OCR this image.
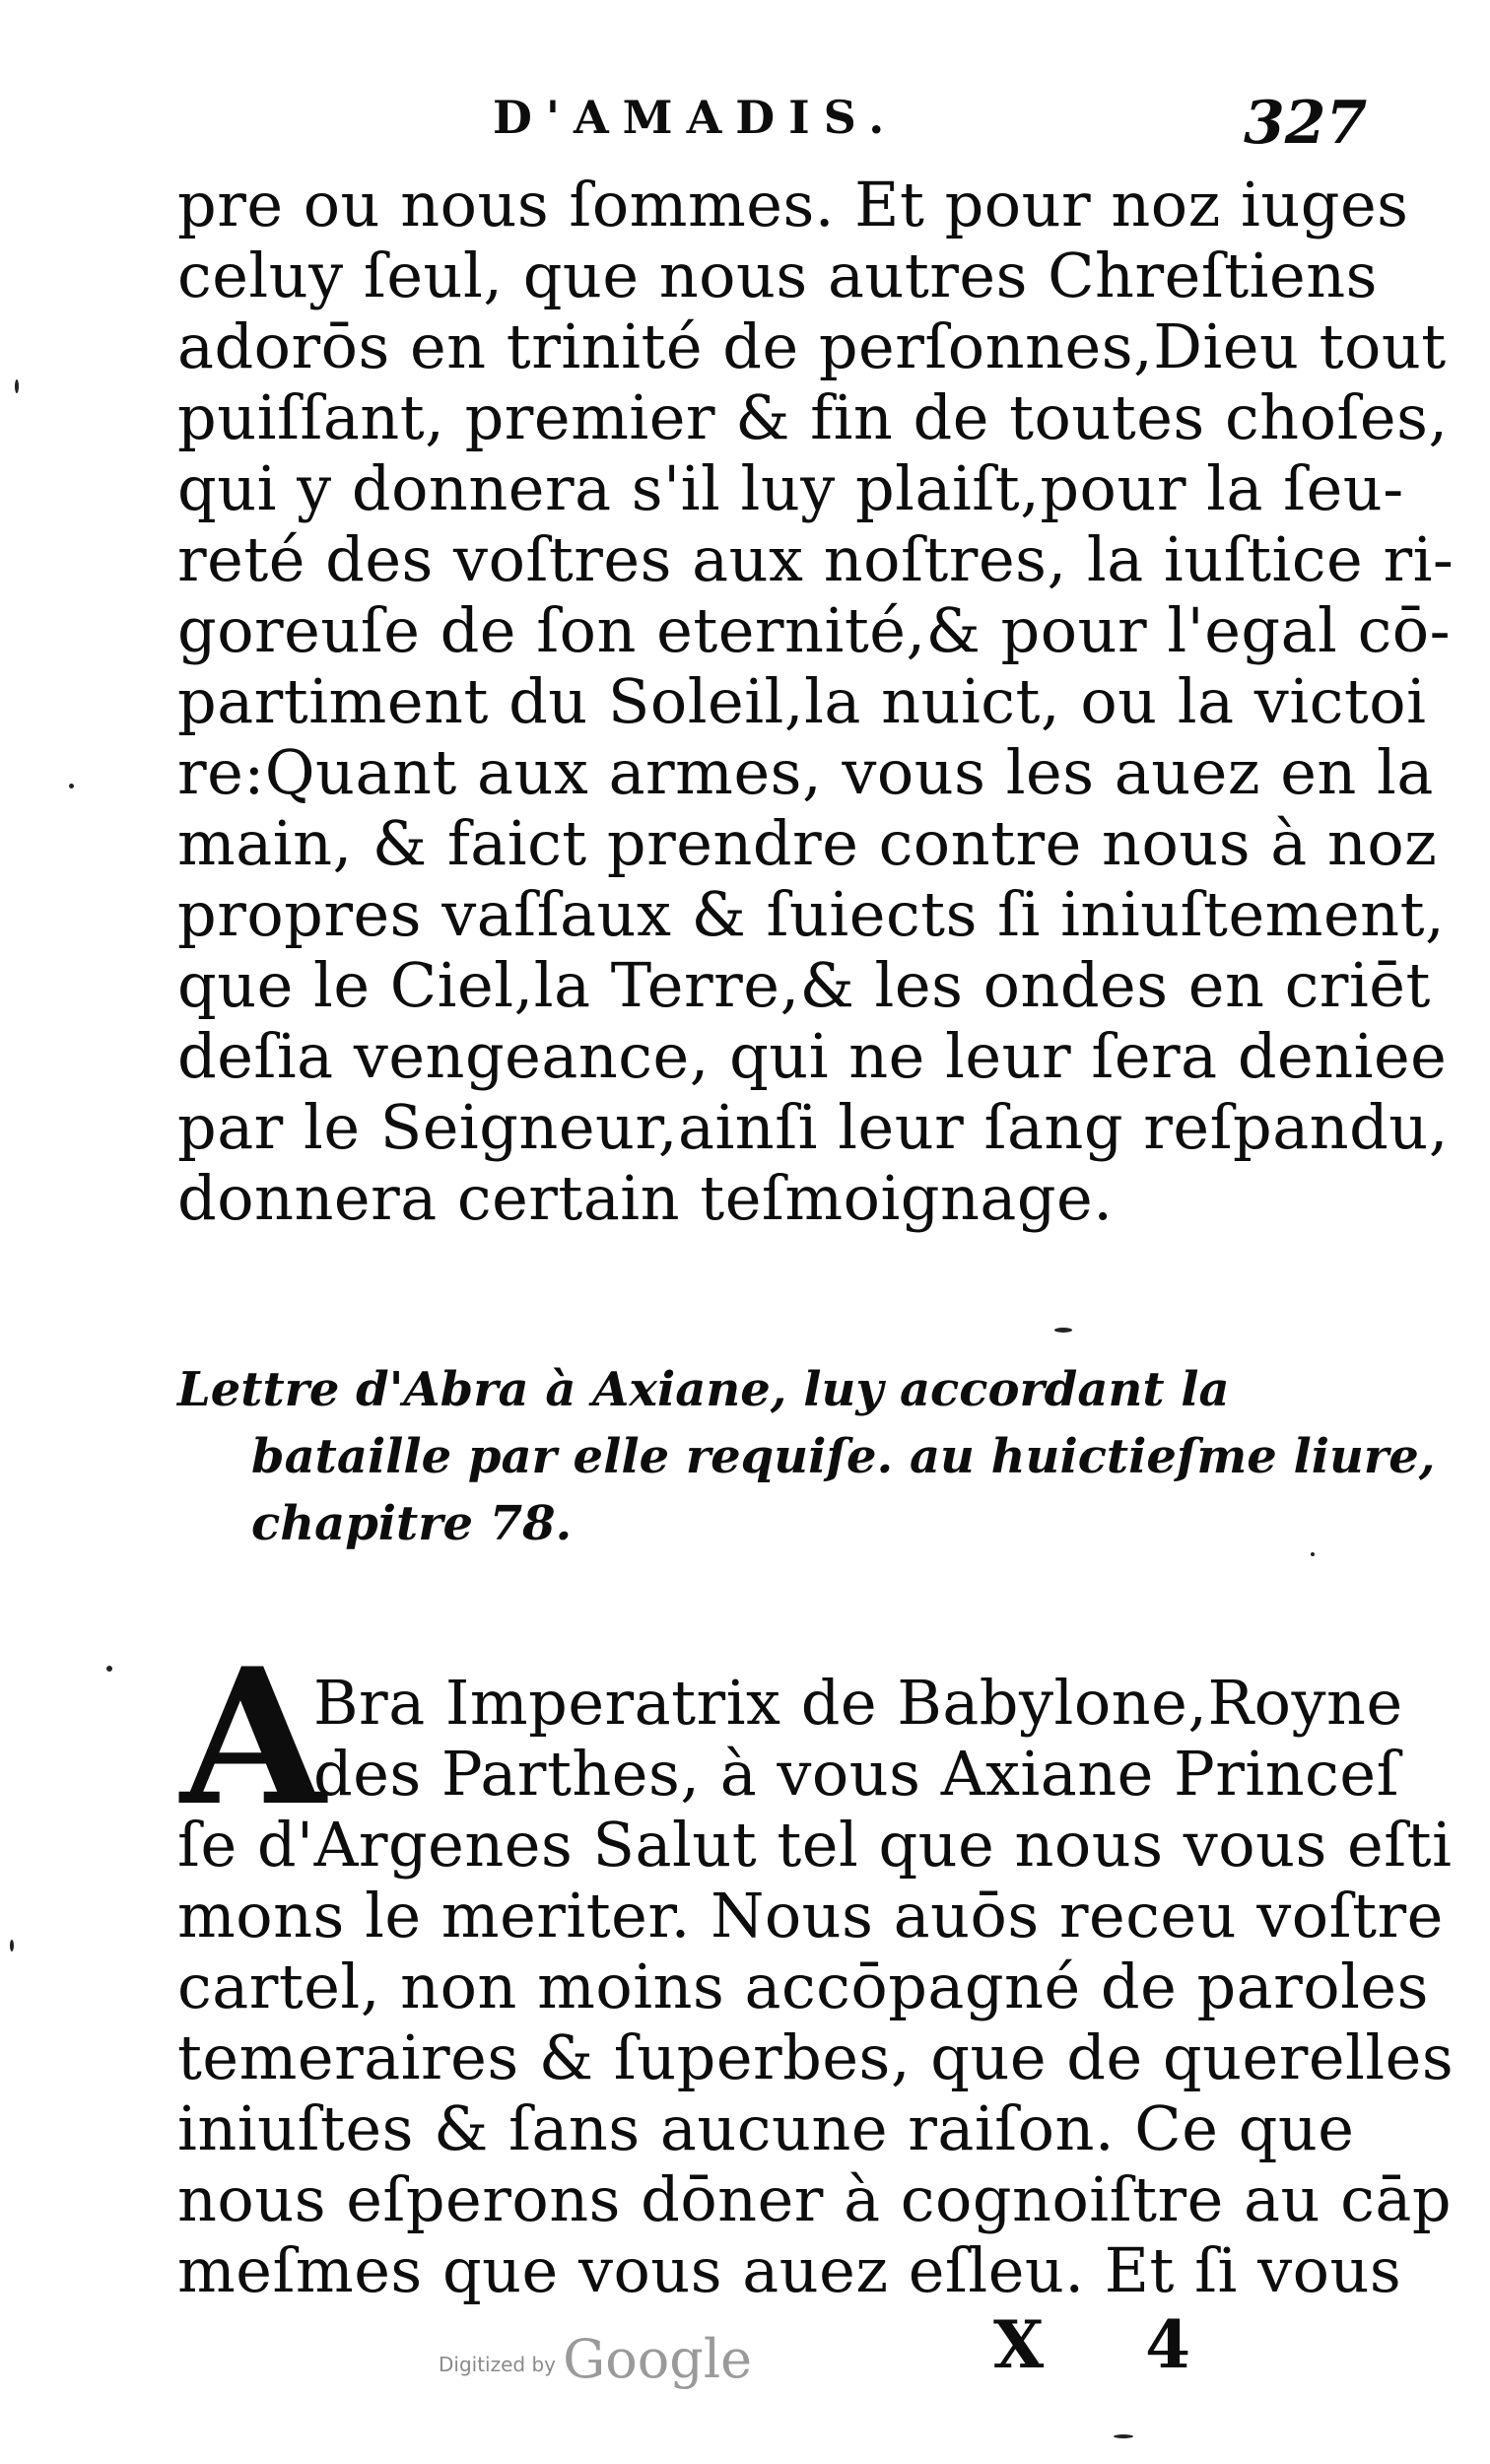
D'AMADIS.	327
pre ou nous ſommes. Et pour noz iuges
celuy ſeul, que nous autres Chreſtiens
adorōs en trinité de perſonnes,Dieu tout
puiſſant, premier & fin de toutes choſes,
qui y donnera s'il luy plaiſt,pour la ſeu-
reté des voſtres aux noſtres, la iuſtice ri-
goreuſe de ſon eternité,& pour l'egal cō-
partiment du Soleil,la nuict, ou la victoi
re:Quant aux armes, vous les auez en la
main, & faict prendre contre nous à noz
propres vaſſaux & ſuiects ſi iniuſtement,
que le Ciel,la Terre,& les ondes en criēt
deſia vengeance, qui ne leur ſera deniee
par le Seigneur,ainſi leur ſang reſpandu,
donnera certain teſmoignage.
Lettre d'Abra à Axiane, luy accordant la
bataille par elle requiſe. au huictieſme liure,
chapitre 78.
A
Bra Imperatrix de Babylone,Royne
des Parthes, à vous Axiane Princeſ
ſe d'Argenes Salut tel que nous vous eſti
mons le meriter. Nous auōs receu voſtre
cartel, non moins accōpagné de paroles
temeraires & ſuperbes, que de querelles
iniuſtes & ſans aucune raiſon. Ce que
nous eſperons dōner à cognoiſtre au cāp
meſmes que vous auez eſleu. Et ſi vous
Digitized by Google	X 4
